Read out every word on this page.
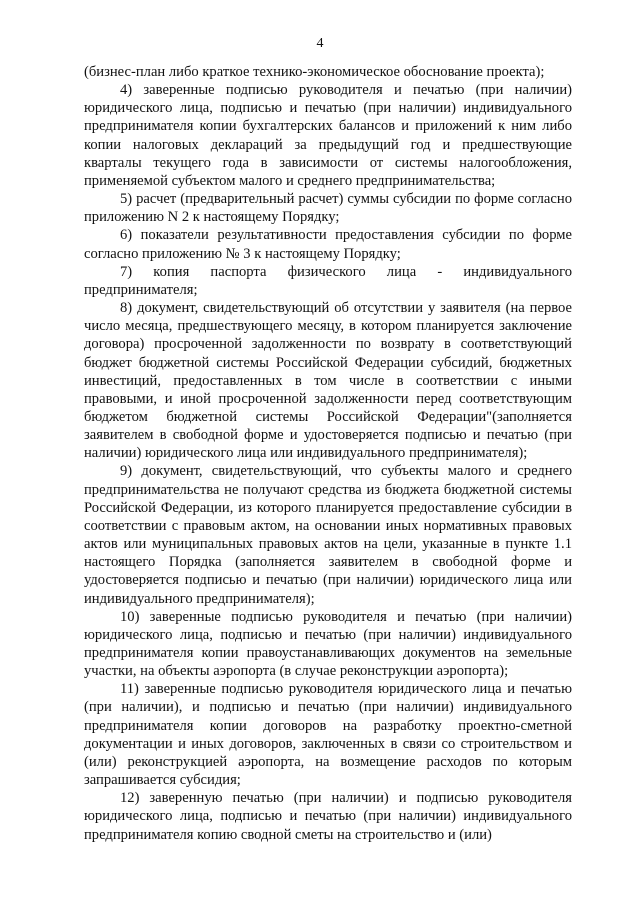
4

(бизнес-план либо краткое технико-экономическое обоснование проекта);

4) заверенные подписью руководителя и печатью (при наличии) юридического лица, подписью и печатью (при наличии) индивидуального предпринимателя копии бухгалтерских балансов и приложений к ним либо копии налоговых деклараций за предыдущий год и предшествующие кварталы текущего года в зависимости от системы налогообложения, применяемой субъектом малого и среднего предпринимательства;

5) расчет (предварительный расчет) суммы субсидии по форме согласно приложению N 2 к настоящему Порядку;

6) показатели результативности предоставления субсидии по форме согласно приложению № 3 к настоящему Порядку;

7) копия паспорта физического лица - индивидуального предпринимателя;

8) документ, свидетельствующий об отсутствии у заявителя (на первое число месяца, предшествующего месяцу, в котором планируется заключение договора) просроченной задолженности по возврату в соответствующий бюджет бюджетной системы Российской Федерации субсидий, бюджетных инвестиций, предоставленных в том числе в соответствии с иными правовыми, и иной просроченной задолженности перед соответствующим бюджетом бюджетной системы Российской Федерации"(заполняется заявителем в свободной форме и удостоверяется подписью и печатью (при наличии) юридического лица или индивидуального предпринимателя);

9) документ, свидетельствующий, что субъекты малого и среднего предпринимательства не получают средства из бюджета бюджетной системы Российской Федерации, из которого планируется предоставление субсидии в соответствии с правовым актом, на основании иных нормативных правовых актов или муниципальных правовых актов на цели, указанные в пункте 1.1 настоящего Порядка (заполняется заявителем в свободной форме и удостоверяется подписью и печатью (при наличии) юридического лица или индивидуального предпринимателя);

10) заверенные подписью руководителя и печатью (при наличии) юридического лица, подписью и печатью (при наличии) индивидуального предпринимателя копии правоустанавливающих документов на земельные участки, на объекты аэропорта (в случае реконструкции аэропорта);

11) заверенные подписью руководителя юридического лица и печатью (при наличии), и подписью и печатью (при наличии) индивидуального предпринимателя копии договоров на разработку проектно-сметной документации и иных договоров, заключенных в связи со строительством и (или) реконструкцией аэропорта, на возмещение расходов по которым запрашивается субсидия;

12) заверенную печатью (при наличии) и подписью руководителя юридического лица, подписью и печатью (при наличии) индивидуального предпринимателя копию сводной сметы на строительство и (или)
